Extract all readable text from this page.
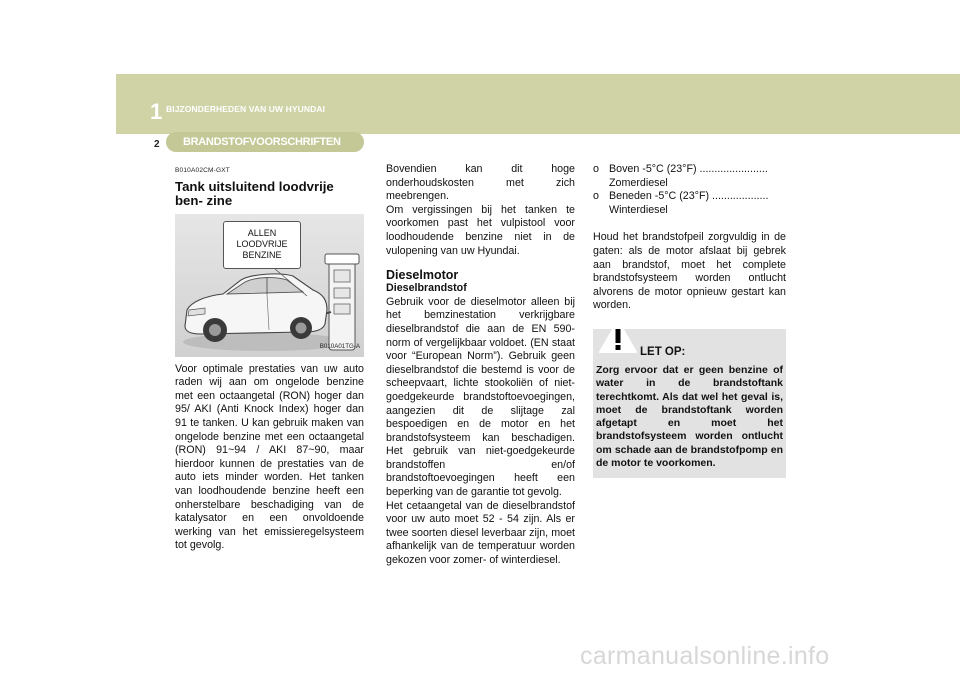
1 BIJZONDERHEDEN VAN UW HYUNDAI
2 BRANDSTOFVOORSCHRIFTEN
B010A02CM-GXT
Tank uitsluitend loodvrije ben- zine
ALLEN
LOODVRIJE
BENZINE
B010A01TG-A

Voor optimale prestaties van uw auto raden wij aan om ongelode benzine met een octaangetal (RON) hoger dan 95/ AKI (Anti Knock Index) hoger dan 91 te tanken. U kan gebruik maken van ongelode benzine met een octaangetal (RON) 91~94 / AKI 87~90, maar hierdoor kunnen de prestaties van de auto iets minder worden. Het tanken van loodhoudende benzine heeft een onherstelbare beschadiging van de katalysator en een onvoldoende werking van het emissieregelsysteem tot gevolg.

Bovendien kan dit hoge onderhoudskosten met zich meebrengen.

Om vergissingen bij het tanken te voorkomen past het vulpistool voor loodhoudende benzine niet in de vulopening van uw Hyundai.

Dieselmotor
Dieselbrandstof

Gebruik voor de dieselmotor alleen bij het bemzinestation verkrijgbare dieselbrandstof die aan de EN 590-norm of vergelijkbaar voldoet. (EN staat voor “European Norm”). Gebruik geen dieselbrandstof die bestemd is voor de scheepvaart, lichte stookoliën of niet-goedgekeurde brandstoftoevoegingen, aangezien dit de slijtage zal bespoedigen en de motor en het brandstofsysteem kan beschadigen. Het gebruik van niet-goedgekeurde brandstoffen en/of brandstoftoevoegingen heeft een beperking van de garantie tot gevolg.

Het cetaangetal van de dieselbrandstof voor uw auto moet 52 - 54 zijn. Als er twee soorten diesel leverbaar zijn, moet afhankelijk van de temperatuur worden gekozen voor zomer- of winterdiesel.

o Boven -5°C (23°F) .......................
Zomerdiesel
o Beneden -5°C (23°F) ...................
Winterdiesel

Houd het brandstofpeil zorgvuldig in de gaten: als de motor afslaat bij gebrek aan brandstof, moet het complete brandstofsysteem worden ontlucht alvorens de motor opnieuw gestart kan worden.

LET OP:
Zorg ervoor dat er geen benzine of water in de brandstoftank terechtkomt. Als dat wel het geval is, moet de brandstoftank worden afgetapt en moet het brandstofsysteem worden ontlucht om schade aan de brandstofpomp en de motor te voorkomen.
carmanualsonline.info
